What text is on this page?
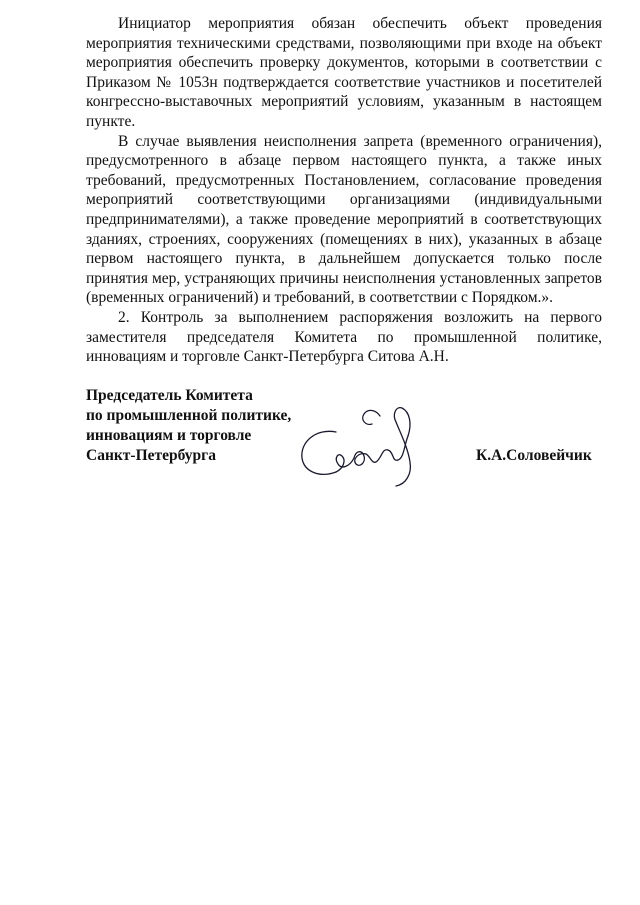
Инициатор мероприятия обязан обеспечить объект проведения мероприятия техническими средствами, позволяющими при входе на объект мероприятия обеспечить проверку документов, которыми в соответствии с Приказом № 1053н подтверждается соответствие участников и посетителей конгрессно-выставочных мероприятий условиям, указанным в настоящем пункте.

В случае выявления неисполнения запрета (временного ограничения), предусмотренного в абзаце первом настоящего пункта, а также иных требований, предусмотренных Постановлением, согласование проведения мероприятий соответствующими организациями (индивидуальными предпринимателями), а также проведение мероприятий в соответствующих зданиях, строениях, сооружениях (помещениях в них), указанных в абзаце первом настоящего пункта, в дальнейшем допускается только после принятия мер, устраняющих причины неисполнения установленных запретов (временных ограничений) и требований, в соответствии с Порядком.».

2. Контроль за выполнением распоряжения возложить на первого заместителя председателя Комитета по промышленной политике, инновациям и торговле Санкт-Петербурга Ситова А.Н.

Председатель Комитета
по промышленной политике,
инновациям и торговле
Санкт-Петербурга	К.А.Соловейчик
